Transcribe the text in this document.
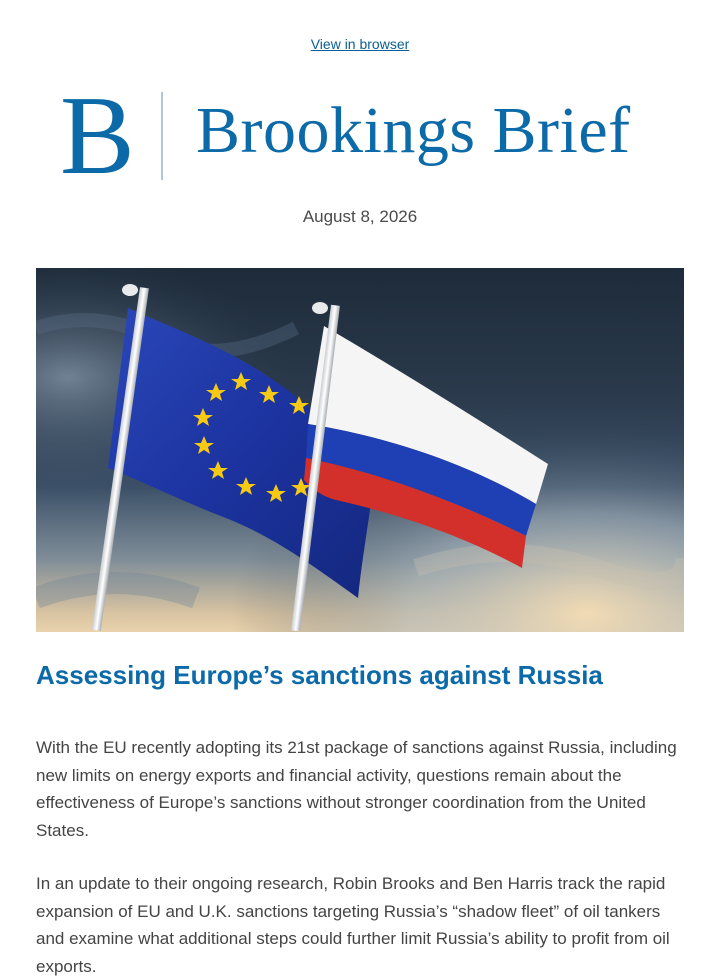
View in browser
B Brookings Brief
August 8, 2026
Assessing Europe’s sanctions against Russia

With the EU recently adopting its 21st package of sanctions against Russia, including new limits on energy exports and financial activity, questions remain about the effectiveness of Europe’s sanctions without stronger coordination from the United States.

In an update to their ongoing research, Robin Brooks and Ben Harris track the rapid expansion of EU and U.K. sanctions targeting Russia’s “shadow fleet” of oil tankers and examine what additional steps could further limit Russia’s ability to profit from oil exports.
